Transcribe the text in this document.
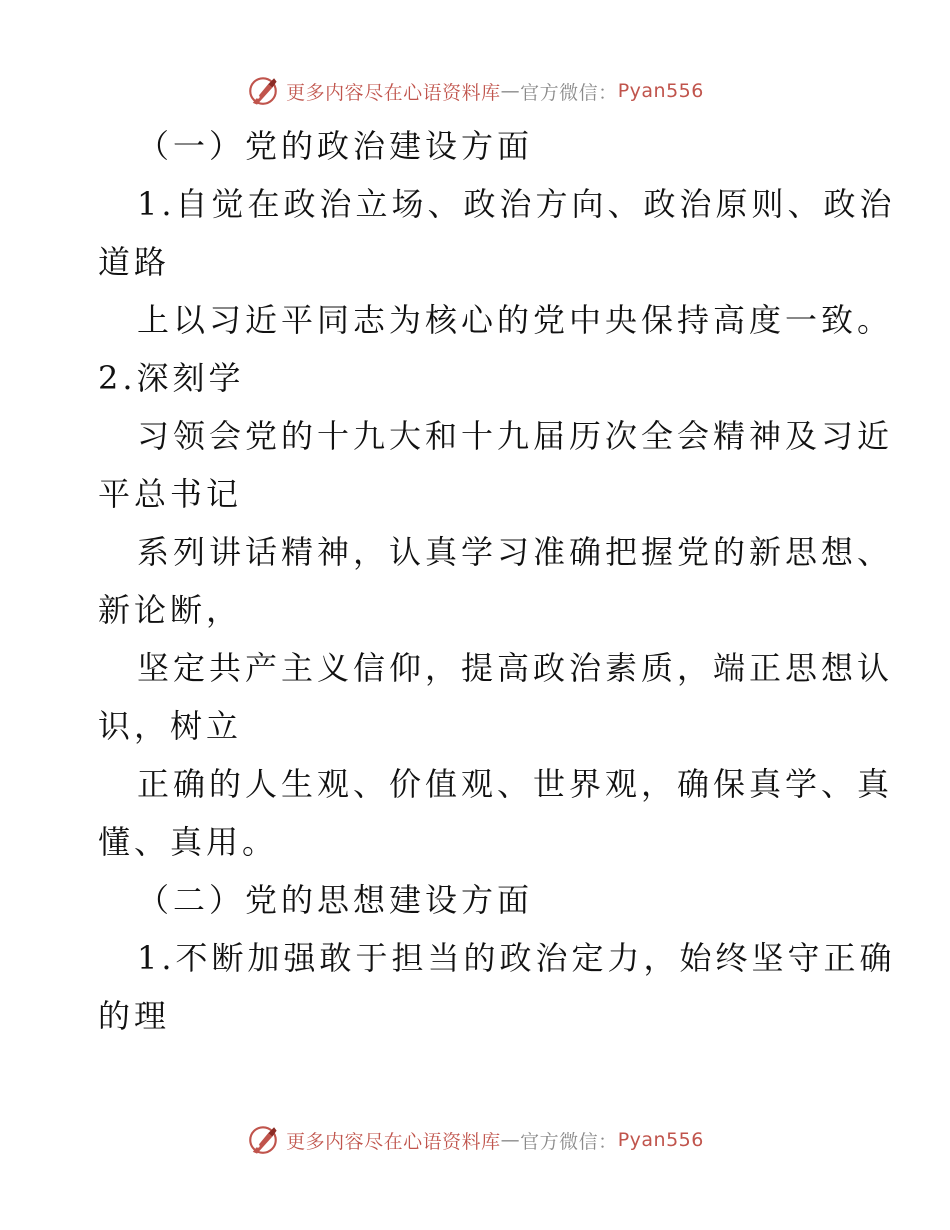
更多内容尽在心语资料库 — 官方微信： Pyan556
（一）党的政治建设方面
1.自觉在政治立场、政治方向、政治原则、政治
道路
上以习近平同志为核心的党中央保持高度一致。
2.深刻学
习领会党的十九大和十九届历次全会精神及习近
平总书记
系列讲话精神，认真学习准确把握党的新思想、
新论断，
坚定共产主义信仰，提高政治素质，端正思想认
识，树立
正确的人生观、价值观、世界观，确保真学、真
懂、真用。
（二）党的思想建设方面
1.不断加强敢于担当的政治定力，始终坚守正确
的理
更多内容尽在心语资料库 — 官方微信： Pyan556
